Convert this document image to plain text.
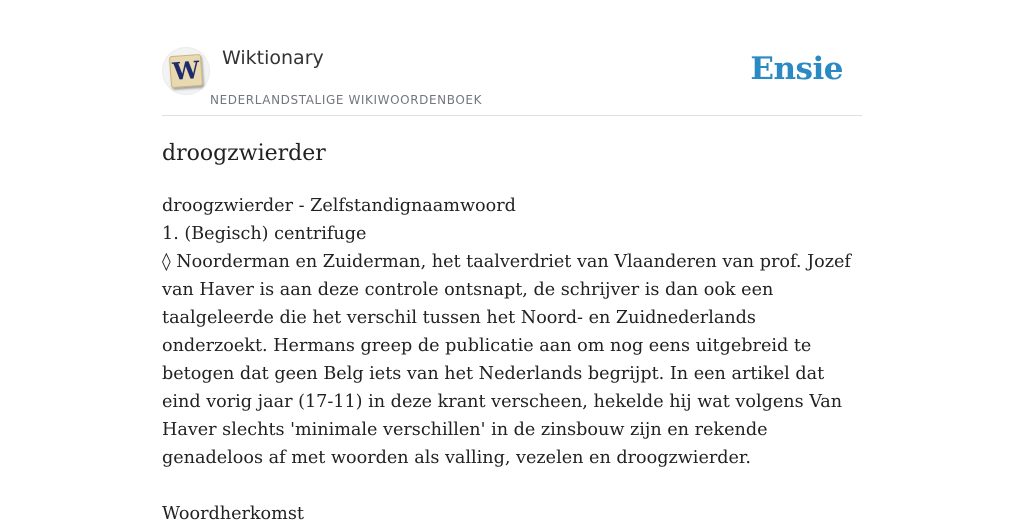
W Wiktionary
NEDERLANDSTALIGE WIKIWOORDENBOEK
Ensie
droogzwierder

droogzwierder - Zelfstandignaamwoord

1. (Begisch) centrifuge

◊ Noorderman en Zuiderman, het taalverdriet van Vlaanderen van prof. Jozef van Haver is aan deze controle ontsnapt, de schrijver is dan ook een taalgeleerde die het verschil tussen het Noord- en Zuidnederlands onderzoekt. Hermans greep de publicatie aan om nog eens uitgebreid te betogen dat geen Belg iets van het Nederlands begrijpt. In een artikel dat eind vorig jaar (17-11) in deze krant verscheen, hekelde hij wat volgens Van Haver slechts 'minimale verschillen' in de zinsbouw zijn en rekende genadeloos af met woorden als valling, vezelen en droogzwierder.

Woordherkomst
